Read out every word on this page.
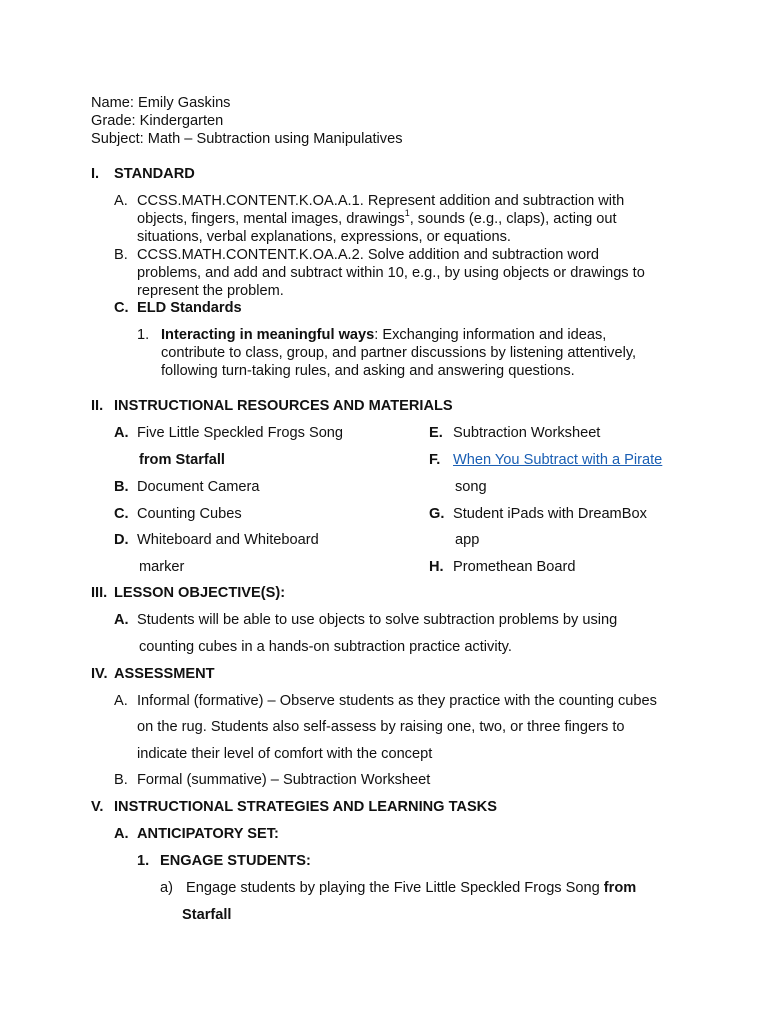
Name: Emily Gaskins
Grade: Kindergarten
Subject: Math – Subtraction using Manipulatives
I. STANDARD
A. CCSS.MATH.CONTENT.K.OA.A.1. Represent addition and subtraction with
objects, fingers, mental images, drawings$^1$, sounds (e.g., claps), acting out
situations, verbal explanations, expressions, or equations.
B. CCSS.MATH.CONTENT.K.OA.A.2. Solve addition and subtraction word
problems, and add and subtract within 10, e.g., by using objects or drawings to
represent the problem.
C. ELD Standards
1. Interacting in meaningful ways: Exchanging information and ideas,
contribute to class, group, and partner discussions by listening attentively,
following turn-taking rules, and asking and answering questions.
II. INSTRUCTIONAL RESOURCES AND MATERIALS
A. Five Little Speckled Frogs Song
from Starfall
B. Document Camera
C. Counting Cubes
D. Whiteboard and Whiteboard
marker
E. Subtraction Worksheet
F. When You Subtract with a Pirate
song
G. Student iPads with DreamBox
app
H. Promethean Board
III. LESSON OBJECTIVE(S):
A. Students will be able to use objects to solve subtraction problems by using
counting cubes in a hands-on subtraction practice activity.
IV. ASSESSMENT
A. Informal (formative) – Observe students as they practice with the counting cubes
on the rug. Students also self-assess by raising one, two, or three fingers to
indicate their level of comfort with the concept
B. Formal (summative) – Subtraction Worksheet
V. INSTRUCTIONAL STRATEGIES AND LEARNING TASKS
A. ANTICIPATORY SET:
1. ENGAGE STUDENTS:
a) Engage students by playing the Five Little Speckled Frogs Song from
Starfall
